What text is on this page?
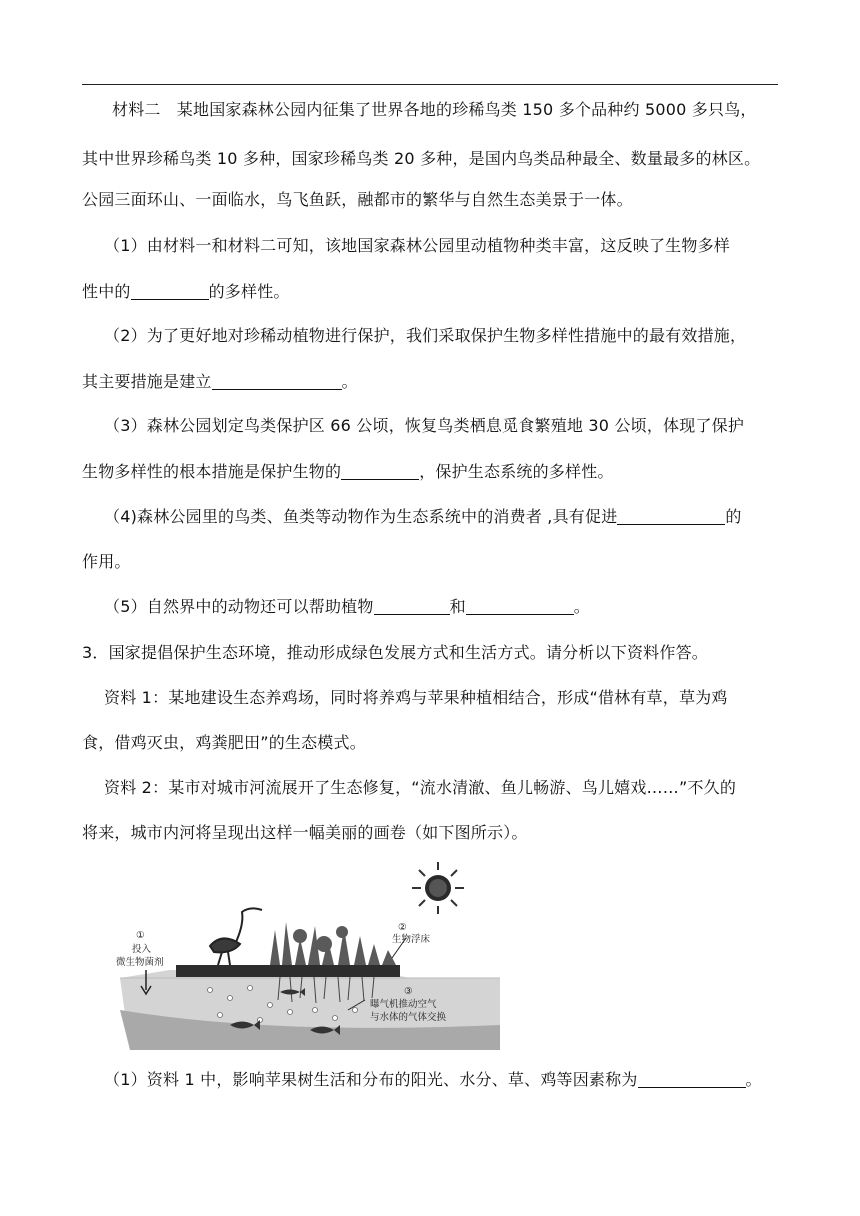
材料二　某地国家森林公园内征集了世界各地的珍稀鸟类 150 多个品种约 5000 多只鸟，
其中世界珍稀鸟类 10 多种，国家珍稀鸟类 20 多种，是国内鸟类品种最全、数量最多的林区。
公园三面环山、一面临水，鸟飞鱼跃，融都市的繁华与自然生态美景于一体。
（1）由材料一和材料二可知，该地国家森林公园里动植物种类丰富，这反映了生物多样
性中的	的多样性。
（2）为了更好地对珍稀动植物进行保护，我们采取保护生物多样性措施中的最有效措施，
其主要措施是建立	。
（3）森林公园划定鸟类保护区 66 公顷，恢复鸟类栖息觅食繁殖地 30 公顷，体现了保护
生物多样性的根本措施是保护生物的	，保护生态系统的多样性。
（4)森林公园里的鸟类、鱼类等动物作为生态系统中的消费者 ,具有促进	的
作用。
（5）自然界中的动物还可以帮助植物	和	。
3．国家提倡保护生态环境，推动形成绿色发展方式和生活方式。请分析以下资料作答。
资料 1：某地建设生态养鸡场，同时将养鸡与苹果种植相结合，形成“借林有草，草为鸡
食，借鸡灭虫，鸡粪肥田”的生态模式。
资料 2：某市对城市河流展开了生态修复，“流水清澈、鱼儿畅游、鸟儿嬉戏……”不久的
将来，城市内河将呈现出这样一幅美丽的画卷（如下图所示）。
①
投入
微生物菌剂
②
生物浮床
③
曝气机推动空气
与水体的气体交换
（1）资料 1 中，影响苹果树生活和分布的阳光、水分、草、鸡等因素称为	。
